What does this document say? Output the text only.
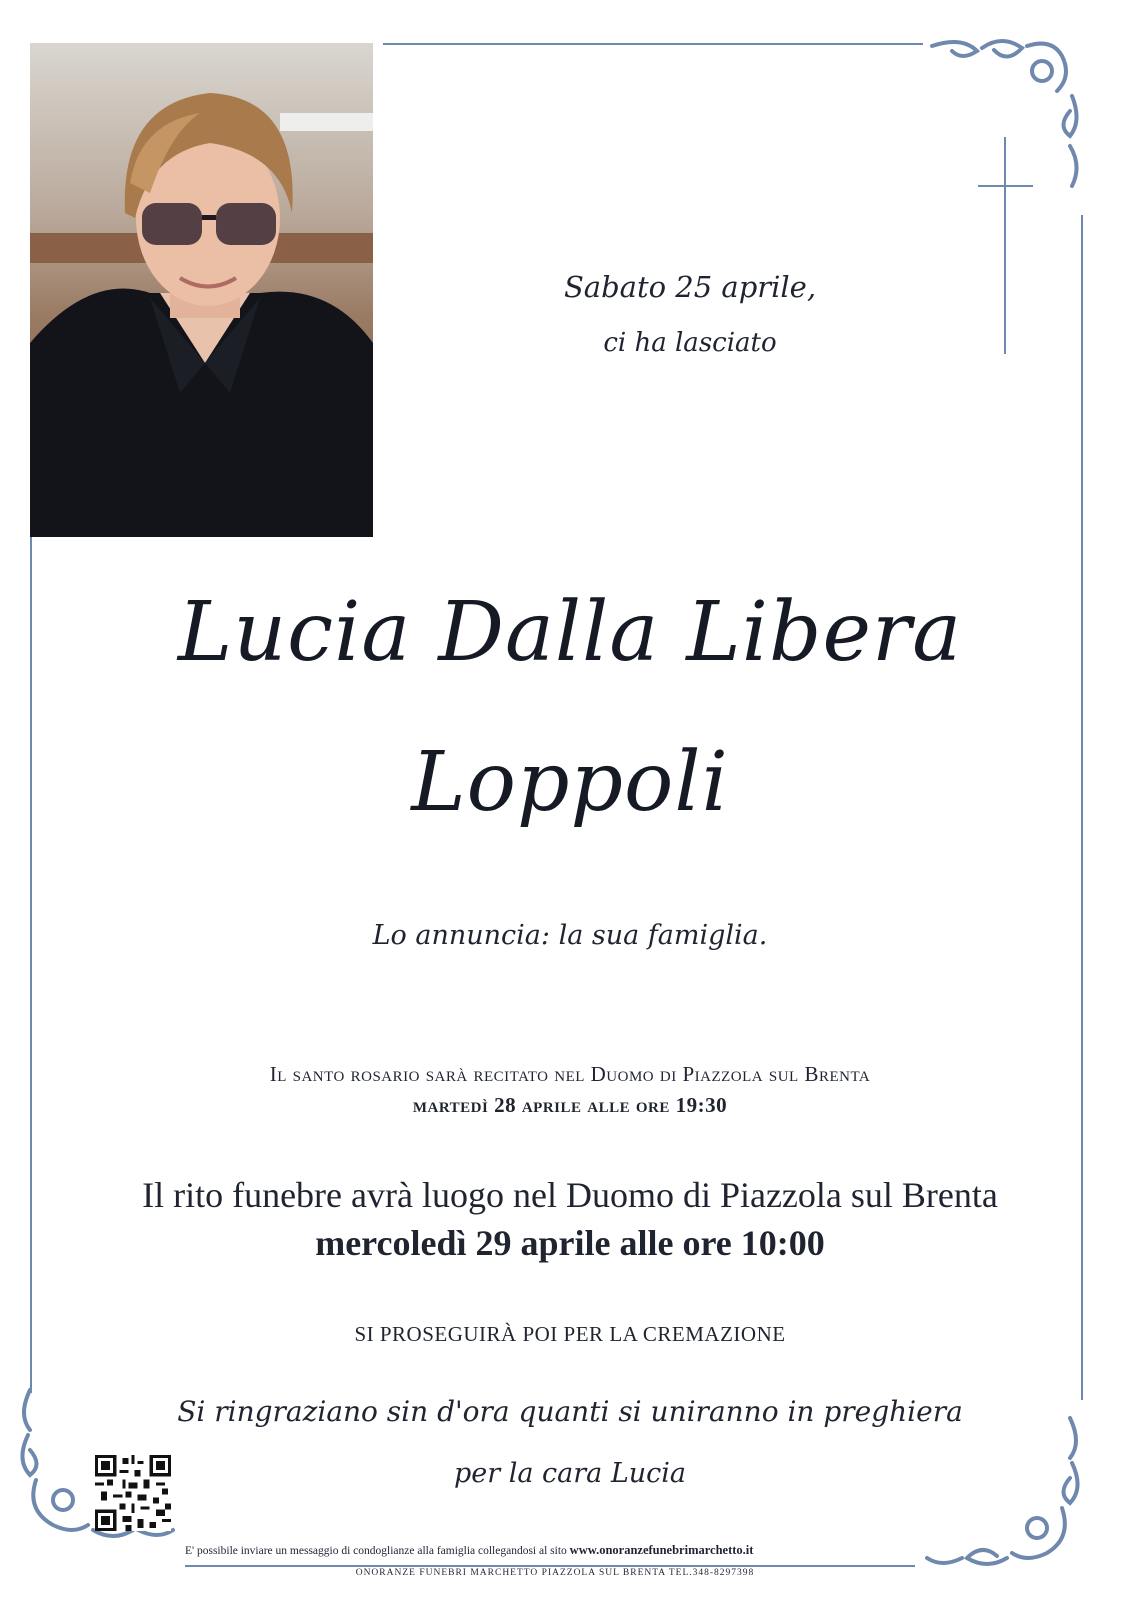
Sabato 25 aprile,
ci ha lasciato
Lucia Dalla Libera
Loppoli
Lo annuncia: la sua famiglia.
Il santo rosario sarà recitato nel Duomo di Piazzola sul Brenta
martedì 28 aprile alle ore 19:30
Il rito funebre avrà luogo nel Duomo di Piazzola sul Brenta
mercoledì 29 aprile alle ore 10:00
SI PROSEGUIRÀ POI PER LA CREMAZIONE
Si ringraziano sin d'ora quanti si uniranno in preghiera
per la cara Lucia
E' possibile inviare un messaggio di condoglianze alla famiglia collegandosi al sito www.onoranzefunebrimarchetto.it
ONORANZE FUNEBRI MARCHETTO PIAZZOLA SUL BRENTA TEL.348-8297398
